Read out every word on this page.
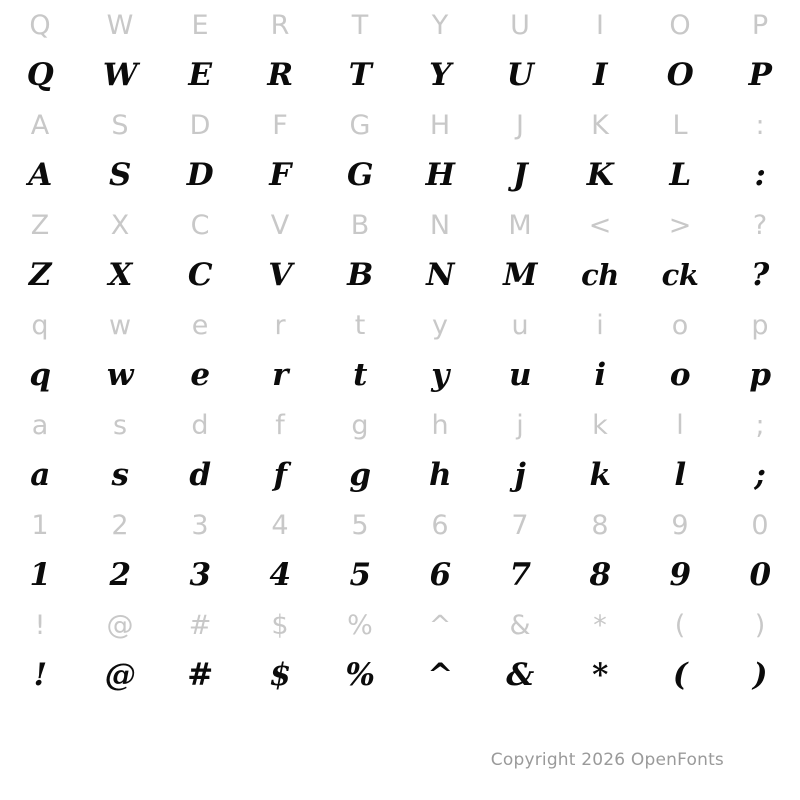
Q	W	E	R	T	Y	U	I	O	P
Q	W	E	R	T	Y	U	I	O	P
A	S	D	F	G	H	J	K	L	:
A	S	D	F	G	H	J	K	L	:
Z	X	C	V	B	N	M	<	>	?
Z	X	C	V	B	N	M	ch	ck	?
q	w	e	r	t	y	u	i	o	p
q	w	e	r	t	y	u	i	o	p
a	s	d	f	g	h	j	k	l	;
a	s	d	f	g	h	j	k	l	;
1	2	3	4	5	6	7	8	9	0
1	2	3	4	5	6	7	8	9	0
!	@	#	$	%	^	&	*	(	)
!	@	#	$	%	^	&	*	(	)
Copyright 2026 OpenFonts
